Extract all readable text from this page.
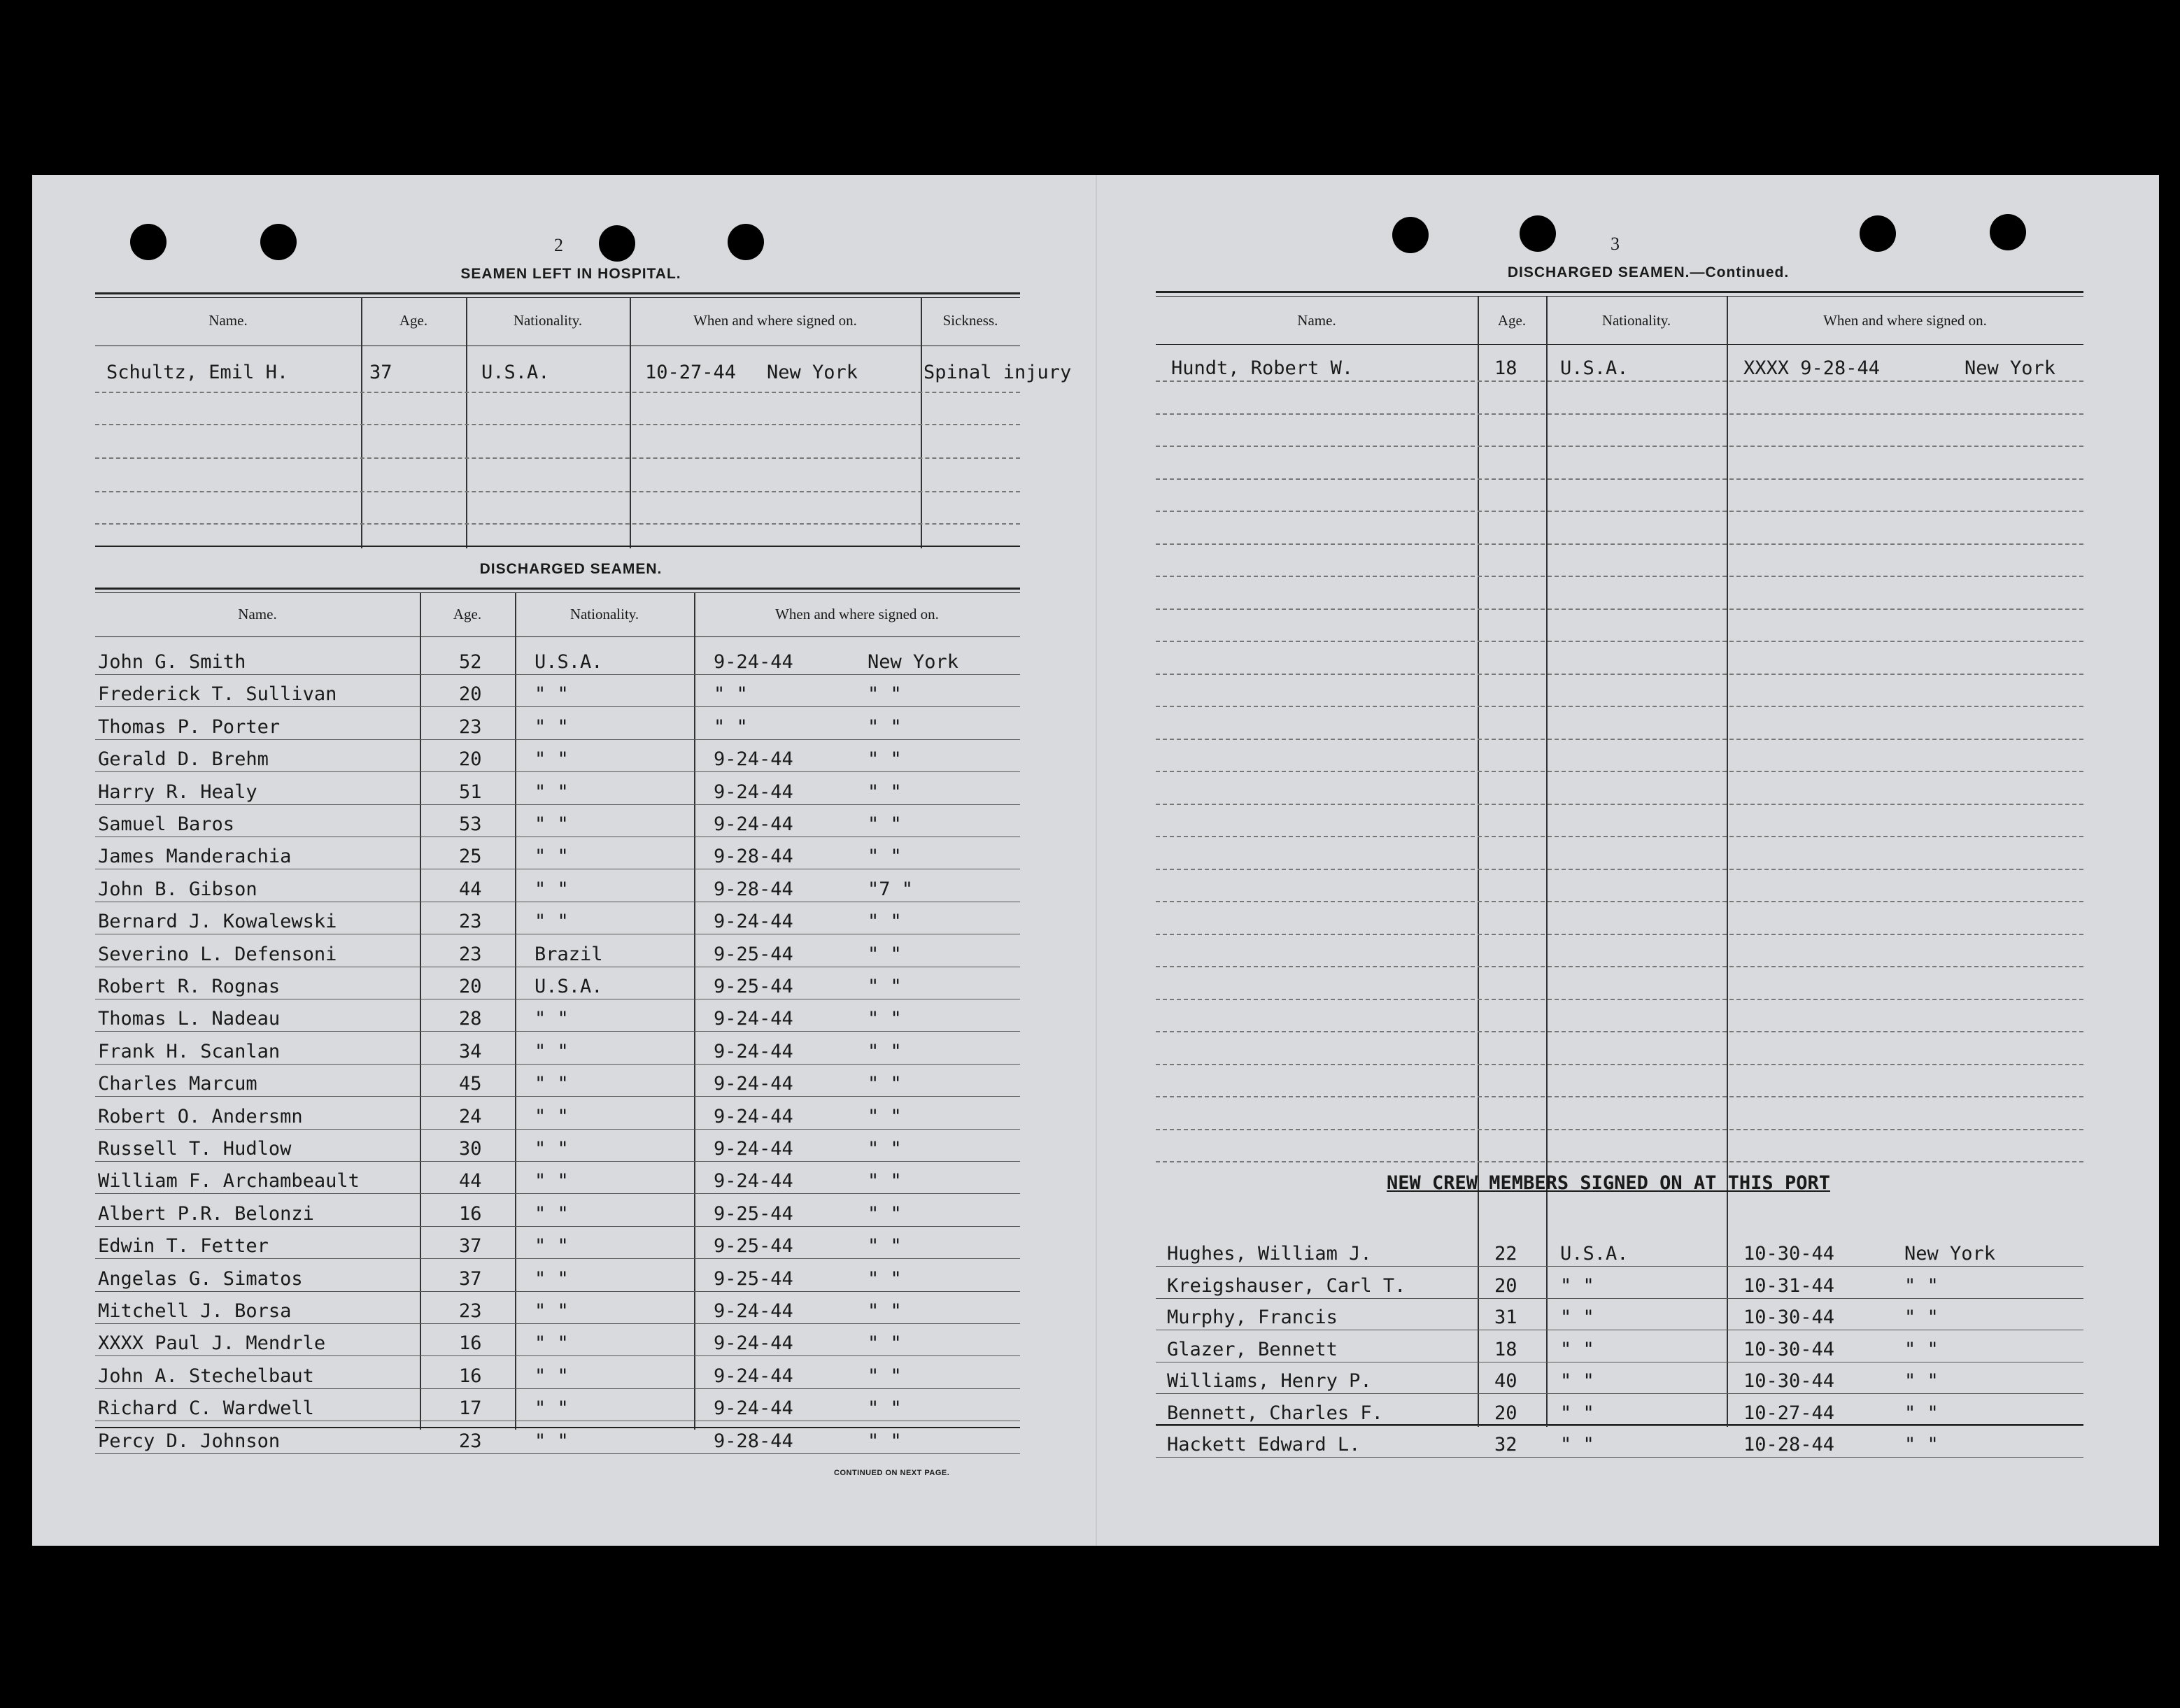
2
SEAMEN LEFT IN HOSPITAL.
Name.	Age.	Nationality.	When and where signed on.	Sickness.
Schultz, Emil H.	37	U.S.A.	10-27-44 New York	Spinal injury
DISCHARGED SEAMEN.
Name.	Age.	Nationality.	When and where signed on.
John G. Smith	52	U.S.A.	9-24-44	New York
Frederick T. Sullivan	20	" "	" "	" "
Thomas P. Porter	23	" "	" "	" "
Gerald D. Brehm	20	" "	9-24-44	" "
Harry R. Healy	51	" "	9-24-44	" "
Samuel Baros	53	" "	9-24-44	" "
James Manderachia	25	" "	9-28-44	" "
John B. Gibson	44	" "	9-28-44	"7 "
Bernard J. Kowalewski	23	" "	9-24-44	" "
Severino L. Defensoni	23	Brazil	9-25-44	" "
Robert R. Rognas	20	U.S.A.	9-25-44	" "
Thomas L. Nadeau	28	" "	9-24-44	" "
Frank H. Scanlan	34	" "	9-24-44	" "
Charles Marcum	45	" "	9-24-44	" "
Robert O. Andersmn	24	" "	9-24-44	" "
Russell T. Hudlow	30	" "	9-24-44	" "
William F. Archambeault	44	" "	9-24-44	" "
Albert P.R. Belonzi	16	" "	9-25-44	" "
Edwin T. Fetter	37	" "	9-25-44	" "
Angelas G. Simatos	37	" "	9-25-44	" "
Mitchell J. Borsa	23	" "	9-24-44	" "
XXXX Paul J. Mendrle	16	" "	9-24-44	" "
John A. Stechelbaut	16	" "	9-24-44	" "
Richard C. Wardwell	17	" "	9-24-44	" "
Percy D. Johnson	23	" "	9-28-44	" "
CONTINUED ON NEXT PAGE.
3
DISCHARGED SEAMEN.—Continued.
Name.	Age.	Nationality.	When and where signed on.
Hundt, Robert W.	18 U.S.A.	XXXX 9-28-44	New York
NEW CREW MEMBERS SIGNED ON AT THIS PORT
Hughes, William J.	22 U.S.A.	10-30-44	New York
Kreigshauser, Carl T.	20 " "	10-31-44	" "
Murphy, Francis	31 " "	10-30-44	" "
Glazer, Bennett	18 " "	10-30-44	" "
Williams, Henry P.	40 " "	10-30-44	" "
Bennett, Charles F.	20 " "	10-27-44	" "
Hackett Edward L.	32 " "	10-28-44	" "
